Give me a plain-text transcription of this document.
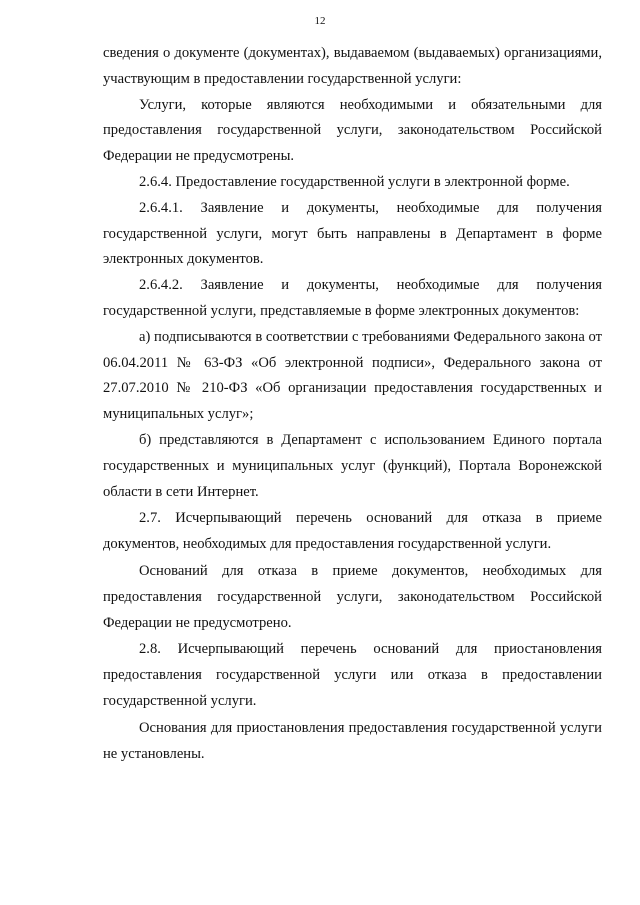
12

сведения о документе (документах), выдаваемом (выдаваемых) организациями, участвующим в предоставлении государственной услуги:

Услуги, которые являются необходимыми и обязательными для предоставления государственной услуги, законодательством Российской Федерации не предусмотрены.

2.6.4. Предоставление государственной услуги в электронной форме.

2.6.4.1. Заявление и документы, необходимые для получения государственной услуги, могут быть направлены в Департамент в форме электронных документов.

2.6.4.2. Заявление и документы, необходимые для получения государственной услуги, представляемые в форме электронных документов:

а) подписываются в соответствии с требованиями Федерального закона от 06.04.2011 № 63-ФЗ «Об электронной подписи», Федерального закона от 27.07.2010 № 210-ФЗ «Об организации предоставления государственных и муниципальных услуг»;

б) представляются в Департамент с использованием Единого портала государственных и муниципальных услуг (функций), Портала Воронежской области в сети Интернет.

2.7. Исчерпывающий перечень оснований для отказа в приеме документов, необходимых для предоставления государственной услуги.

Оснований для отказа в приеме документов, необходимых для предоставления государственной услуги, законодательством Российской Федерации не предусмотрено.

2.8. Исчерпывающий перечень оснований для приостановления предоставления государственной услуги или отказа в предоставлении государственной услуги.

Основания для приостановления предоставления государственной услуги не установлены.
